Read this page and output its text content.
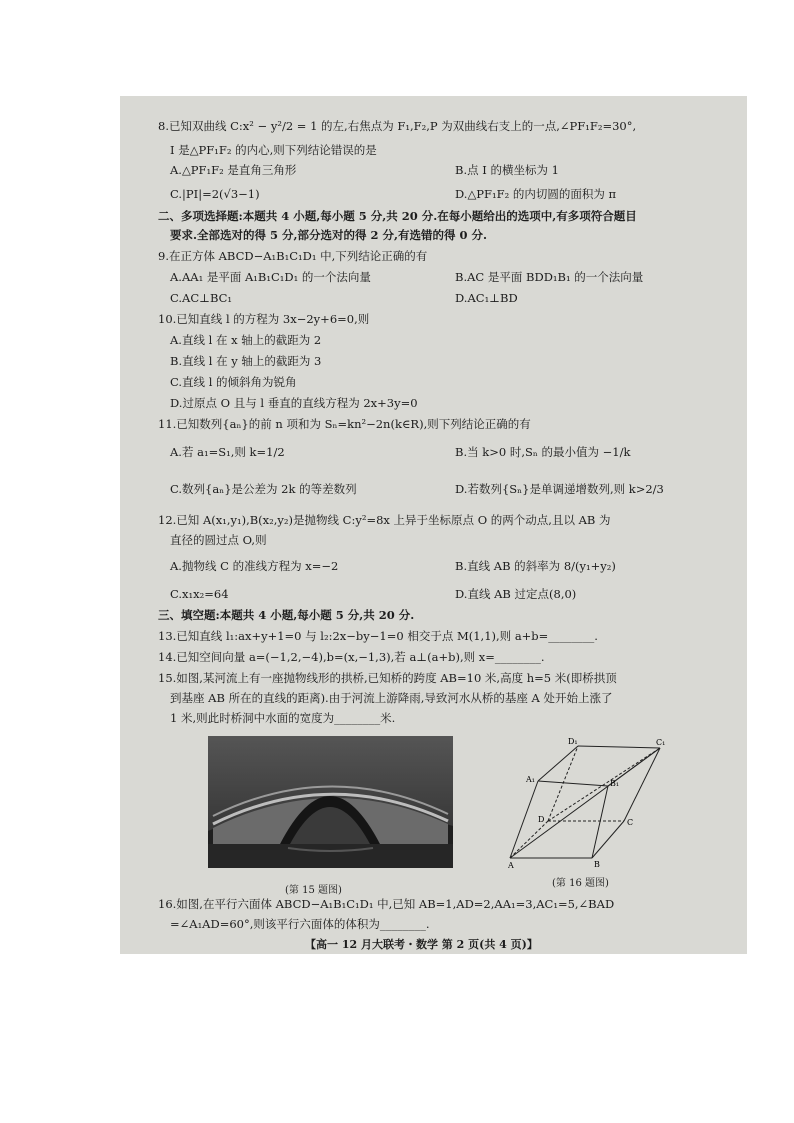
8.已知双曲线 C:x² − y²/2 = 1 的左,右焦点为 F₁,F₂,P 为双曲线右支上的一点,∠PF₁F₂=30°,
I 是△PF₁F₂ 的内心,则下列结论错误的是
A.△PF₁F₂ 是直角三角形	B.点 I 的横坐标为 1
C.|PI|=2(√3−1)	D.△PF₁F₂ 的内切圆的面积为 π
二、多项选择题:本题共 4 小题,每小题 5 分,共 20 分.在每小题给出的选项中,有多项符合题目
要求.全部选对的得 5 分,部分选对的得 2 分,有选错的得 0 分.
9.在正方体 ABCD−A₁B₁C₁D₁ 中,下列结论正确的有
A.AA₁ 是平面 A₁B₁C₁D₁ 的一个法向量	B.AC 是平面 BDD₁B₁ 的一个法向量
C.AC⊥BC₁	D.AC₁⊥BD
10.已知直线 l 的方程为 3x−2y+6=0,则
A.直线 l 在 x 轴上的截距为 2
B.直线 l 在 y 轴上的截距为 3
C.直线 l 的倾斜角为锐角
D.过原点 O 且与 l 垂直的直线方程为 2x+3y=0
11.已知数列{aₙ}的前 n 项和为 Sₙ=kn²−2n(k∈R),则下列结论正确的有
A.若 a₁=S₁,则 k=1/2	B.当 k>0 时,Sₙ 的最小值为 −1/k
C.数列{aₙ}是公差为 2k 的等差数列	D.若数列{Sₙ}是单调递增数列,则 k>2/3
12.已知 A(x₁,y₁),B(x₂,y₂)是抛物线 C:y²=8x 上异于坐标原点 O 的两个动点,且以 AB 为
直径的圆过点 O,则
A.抛物线 C 的准线方程为 x=−2	B.直线 AB 的斜率为 8/(y₁+y₂)
C.x₁x₂=64	D.直线 AB 过定点(8,0)
三、填空题:本题共 4 小题,每小题 5 分,共 20 分.
13.已知直线 l₁:ax+y+1=0 与 l₂:2x−by−1=0 相交于点 M(1,1),则 a+b=________.
14.已知空间向量 a=(−1,2,−4),b=(x,−1,3),若 a⊥(a+b),则 x=________.
15.如图,某河流上有一座抛物线形的拱桥,已知桥的跨度 AB=10 米,高度 h=5 米(即桥拱顶
到基座 AB 所在的直线的距离).由于河流上游降雨,导致河水从桥的基座 A 处开始上涨了
1 米,则此时桥洞中水面的宽度为________米.
D₁	C₁
A₁	B₁
D	C
A	B
(第 15 题图)
(第 16 题图)
16.如图,在平行六面体 ABCD−A₁B₁C₁D₁ 中,已知 AB=1,AD=2,AA₁=3,AC₁=5,∠BAD
=∠A₁AD=60°,则该平行六面体的体积为________.
【高一 12 月大联考・数学 第 2 页(共 4 页)】
